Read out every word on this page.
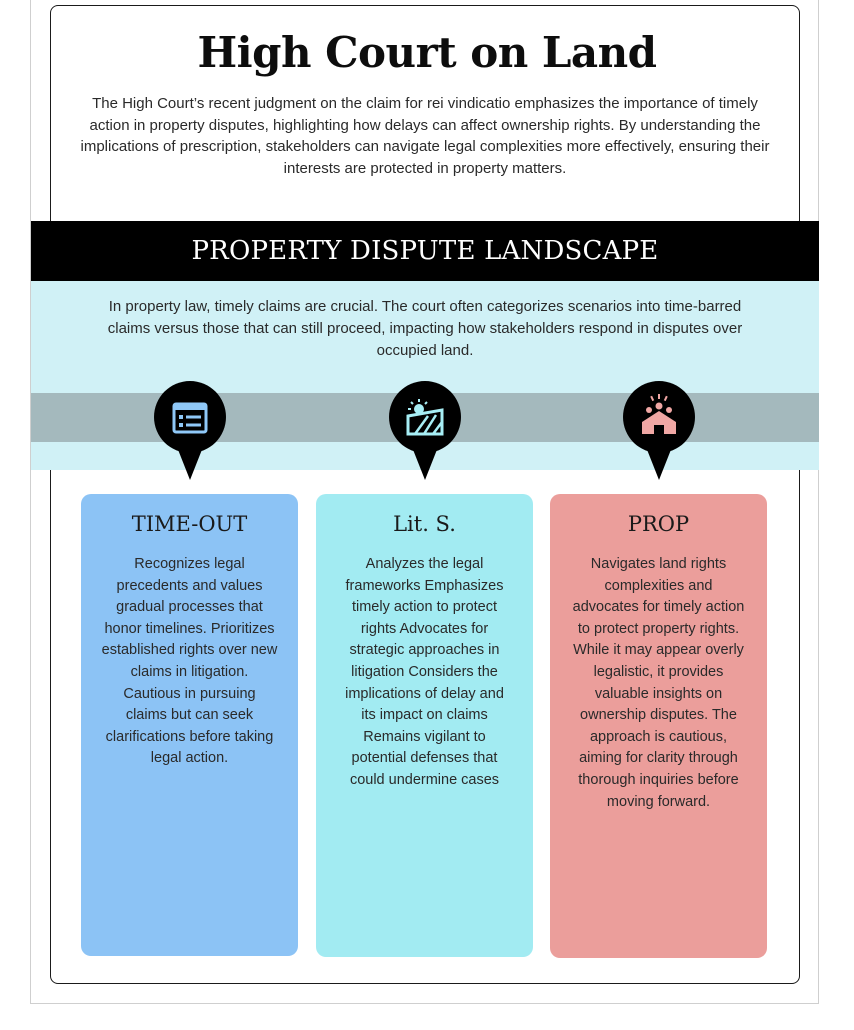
High Court on Land

The High Court’s recent judgment on the claim for rei vindicatio emphasizes the importance of timely action in property disputes, highlighting how delays can affect ownership rights. By understanding the implications of prescription, stakeholders can navigate legal complexities more effectively, ensuring their interests are protected in property matters.

PROPERTY DISPUTE LANDSCAPE

In property law, timely claims are crucial. The court often categorizes scenarios into time-barred claims versus those that can still proceed, impacting how stakeholders respond in disputes over occupied land.

TIME-OUT

Recognizes legal precedents and values gradual processes that honor timelines. Prioritizes established rights over new claims in litigation. Cautious in pursuing claims but can seek clarifications before taking legal action.

Lit. S.

Analyzes the legal frameworks Emphasizes timely action to protect rights Advocates for strategic approaches in litigation Considers the implications of delay and its impact on claims Remains vigilant to potential defenses that could undermine cases

PROP

Navigates land rights complexities and advocates for timely action to protect property rights. While it may appear overly legalistic, it provides valuable insights on ownership disputes. The approach is cautious, aiming for clarity through thorough inquiries before moving forward.
